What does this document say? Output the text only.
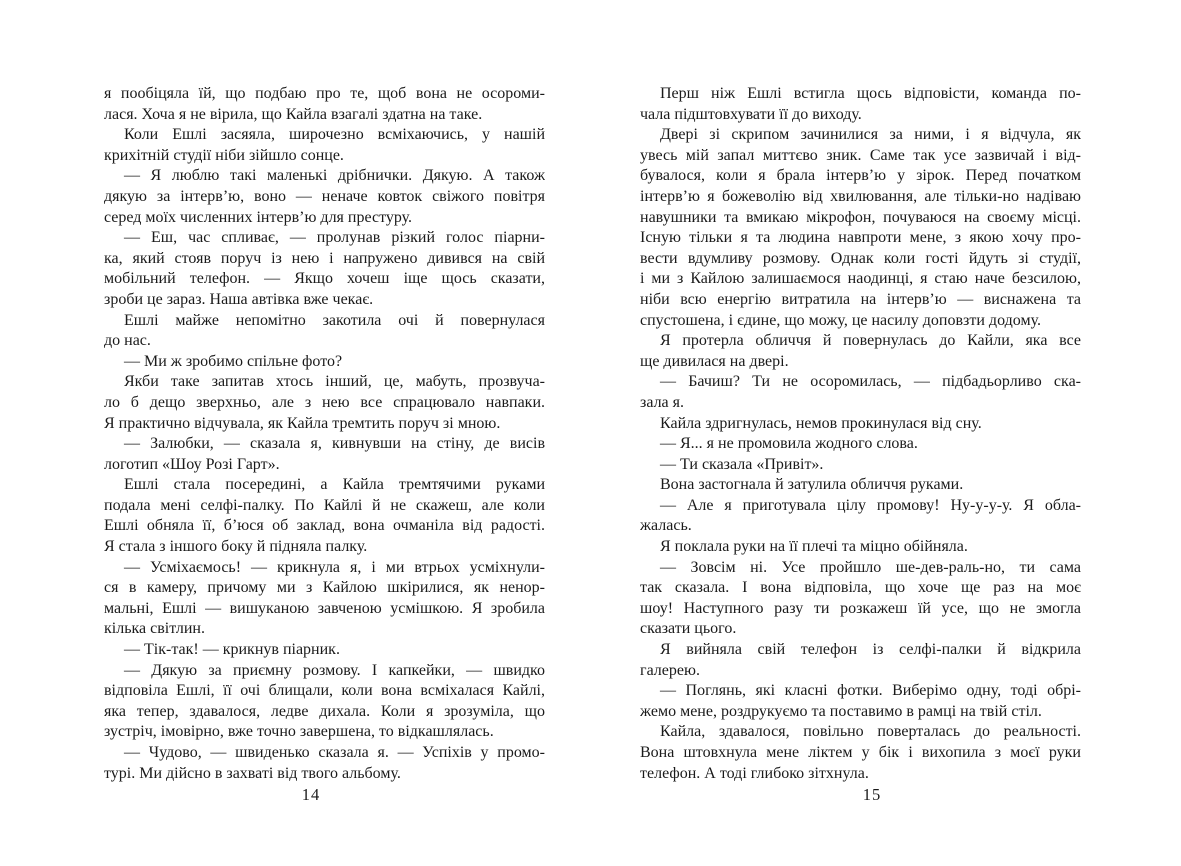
я пообіцяла їй, що подбаю про те, щоб вона не осороми-
лася. Хоча я не вірила, що Кайла взагалі здатна на таке.
Коли Ешлі засяяла, широчезно всміхаючись, у нашій
крихітній студії ніби зійшло сонце.
— Я люблю такі маленькі дрібнички. Дякую. А також
дякую за інтерв’ю, воно — неначе ковток свіжого повітря
серед моїх численних інтерв’ю для престуру.
— Еш, час спливає, — пролунав різкий голос піарни-
ка, який стояв поруч із нею і напружено дивився на свій
мобільний телефон. — Якщо хочеш іще щось сказати,
зроби це зараз. Наша автівка вже чекає.
Ешлі майже непомітно закотила очі й повернулася
до нас.
— Ми ж зробимо спільне фото?
Якби таке запитав хтось інший, це, мабуть, прозвуча-
ло б дещо зверхньо, але з нею все спрацювало навпаки.
Я практично відчувала, як Кайла тремтить поруч зі мною.
— Залюбки, — сказала я, кивнувши на стіну, де висів
логотип «Шоу Розі Гарт».
Ешлі стала посередині, а Кайла тремтячими руками
подала мені селфі-палку. По Кайлі й не скажеш, але коли
Ешлі обняла її, б’юся об заклад, вона очманіла від радості.
Я стала з іншого боку й підняла палку.
— Усміхаємось! — крикнула я, і ми втрьох усміхнули-
ся в камеру, причому ми з Кайлою шкірилися, як ненор-
мальні, Ешлі — вишуканою завченою усмішкою. Я зробила
кілька світлин.
— Тік-так! — крикнув піарник.
— Дякую за приємну розмову. І капкейки, — швидко
відповіла Ешлі, її очі блищали, коли вона всміхалася Кайлі,
яка тепер, здавалося, ледве дихала. Коли я зрозуміла, що
зустріч, імовірно, вже точно завершена, то відкашлялась.
— Чудово, — швиденько сказала я. — Успіхів у промо-
турі. Ми дійсно в захваті від твого альбому.
14
Перш ніж Ешлі встигла щось відповісти, команда по-
чала підштовхувати її до виходу.
Двері зі скрипом зачинилися за ними, і я відчула, як
увесь мій запал миттєво зник. Саме так усе зазвичай і від-
бувалося, коли я брала інтерв’ю у зірок. Перед початком
інтерв’ю я божеволію від хвилювання, але тільки-но надіваю
навушники та вмикаю мікрофон, почуваюся на своєму місці.
Існую тільки я та людина навпроти мене, з якою хочу про-
вести вдумливу розмову. Однак коли гості йдуть зі студії,
і ми з Кайлою залишаємося наодинці, я стаю наче безсилою,
ніби всю енергію витратила на інтерв’ю — виснажена та
спустошена, і єдине, що можу, це насилу доповзти додому.
Я протерла обличчя й повернулась до Кайли, яка все
ще дивилася на двері.
— Бачиш? Ти не осоромилась, — підбадьорливо ска-
зала я.
Кайла здригнулась, немов прокинулася від сну.
— Я... я не промовила жодного слова.
— Ти сказала «Привіт».
Вона застогнала й затулила обличчя руками.
— Але я приготувала цілу промову! Ну-у-у-у. Я обла-
жалась.
Я поклала руки на її плечі та міцно обійняла.
— Зовсім ні. Усе пройшло ше-дев-раль-но, ти сама
так сказала. І вона відповіла, що хоче ще раз на моє
шоу! Наступного разу ти розкажеш їй усе, що не змогла
сказати цього.
Я вийняла свій телефон із селфі-палки й відкрила
галерею.
— Поглянь, які класні фотки. Виберімо одну, тоді обрі-
жемо мене, роздрукуємо та поставимо в рамці на твій стіл.
Кайла, здавалося, повільно поверталась до реальності.
Вона штовхнула мене ліктем у бік і вихопила з моєї руки
телефон. А тоді глибоко зітхнула.
15
